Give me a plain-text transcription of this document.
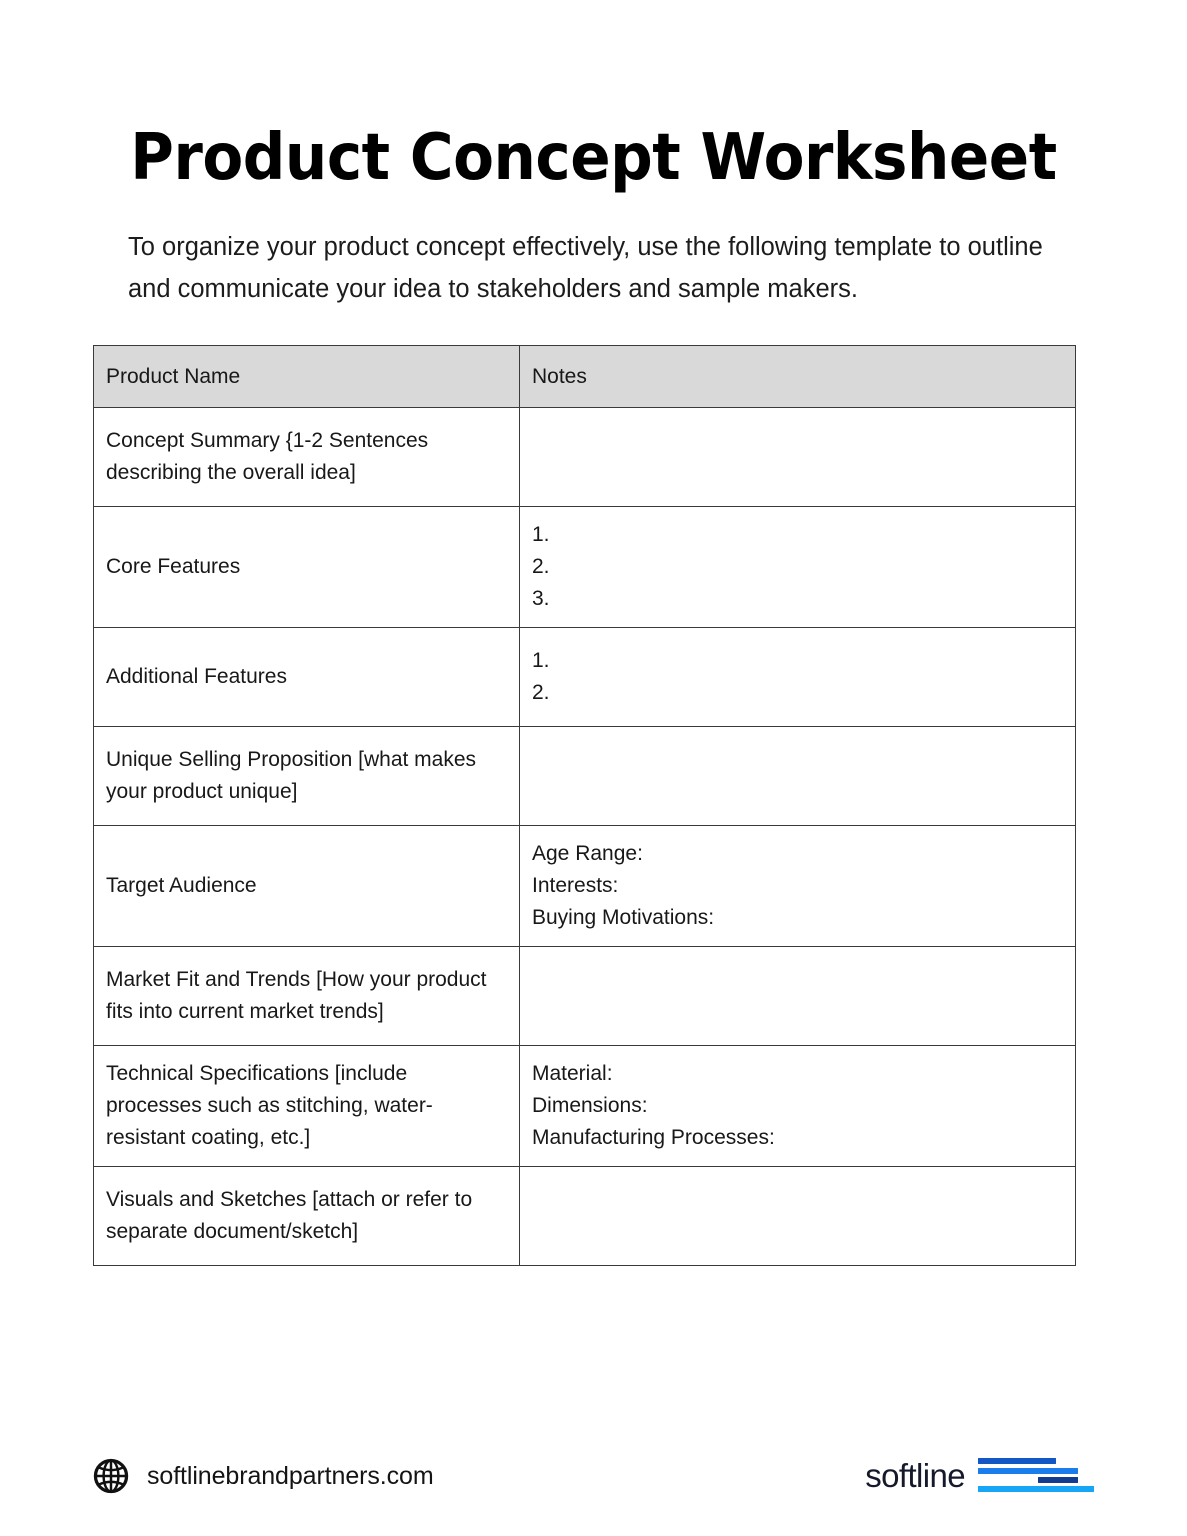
Product Concept Worksheet

To organize your product concept effectively, use the following template to outline and communicate your idea to stakeholders and sample makers.

Product Name	Notes

Concept Summary {1-2 Sentences
describing the overall idea]	

Core Features	1.
2.
3.

Additional Features	1.
2.

Unique Selling Proposition [what makes
your product unique]	

Target Audience	Age Range:
Interests:
Buying Motivations:

Market Fit and Trends [How your product
fits into current market trends]	

Technical Specifications [include
processes such as stitching, water-
resistant coating, etc.]	Material:
Dimensions:
Manufacturing Processes:

Visuals and Sketches [attach or refer to
separate document/sketch]	

softlinebrandpartners.com	softline
